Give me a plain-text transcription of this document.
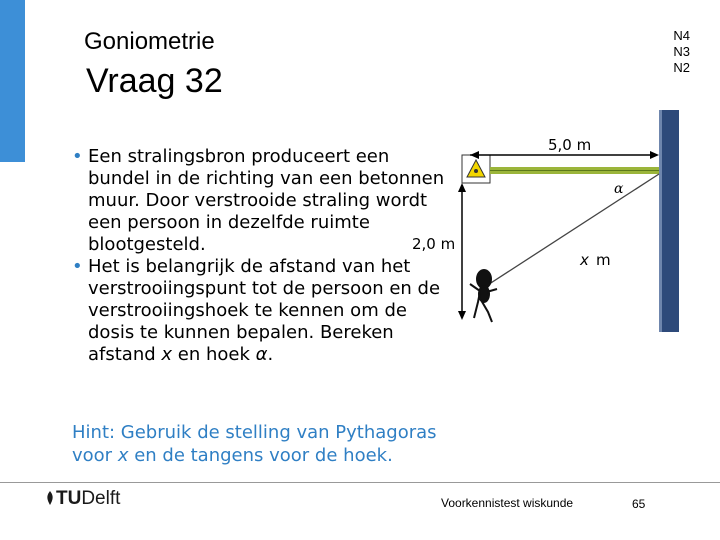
Goniometrie
Vraag 32
N4
N3
N2
• Een stralingsbron produceert een
bundel in de richting van een betonnen
muur. Door verstrooide straling wordt
een persoon in dezelfde ruimte
blootgesteld.
• Het is belangrijk de afstand van het
verstrooiingspunt tot de persoon en de
verstrooiingshoek te kennen om de
dosis te kunnen bepalen. Bereken
afstand x en hoek α.
5,0 m
2,0 m
x m
α
Hint: Gebruik de stelling van Pythagoras
voor x en de tangens voor de hoek.
TUDelft	Voorkennistest wiskunde	65
